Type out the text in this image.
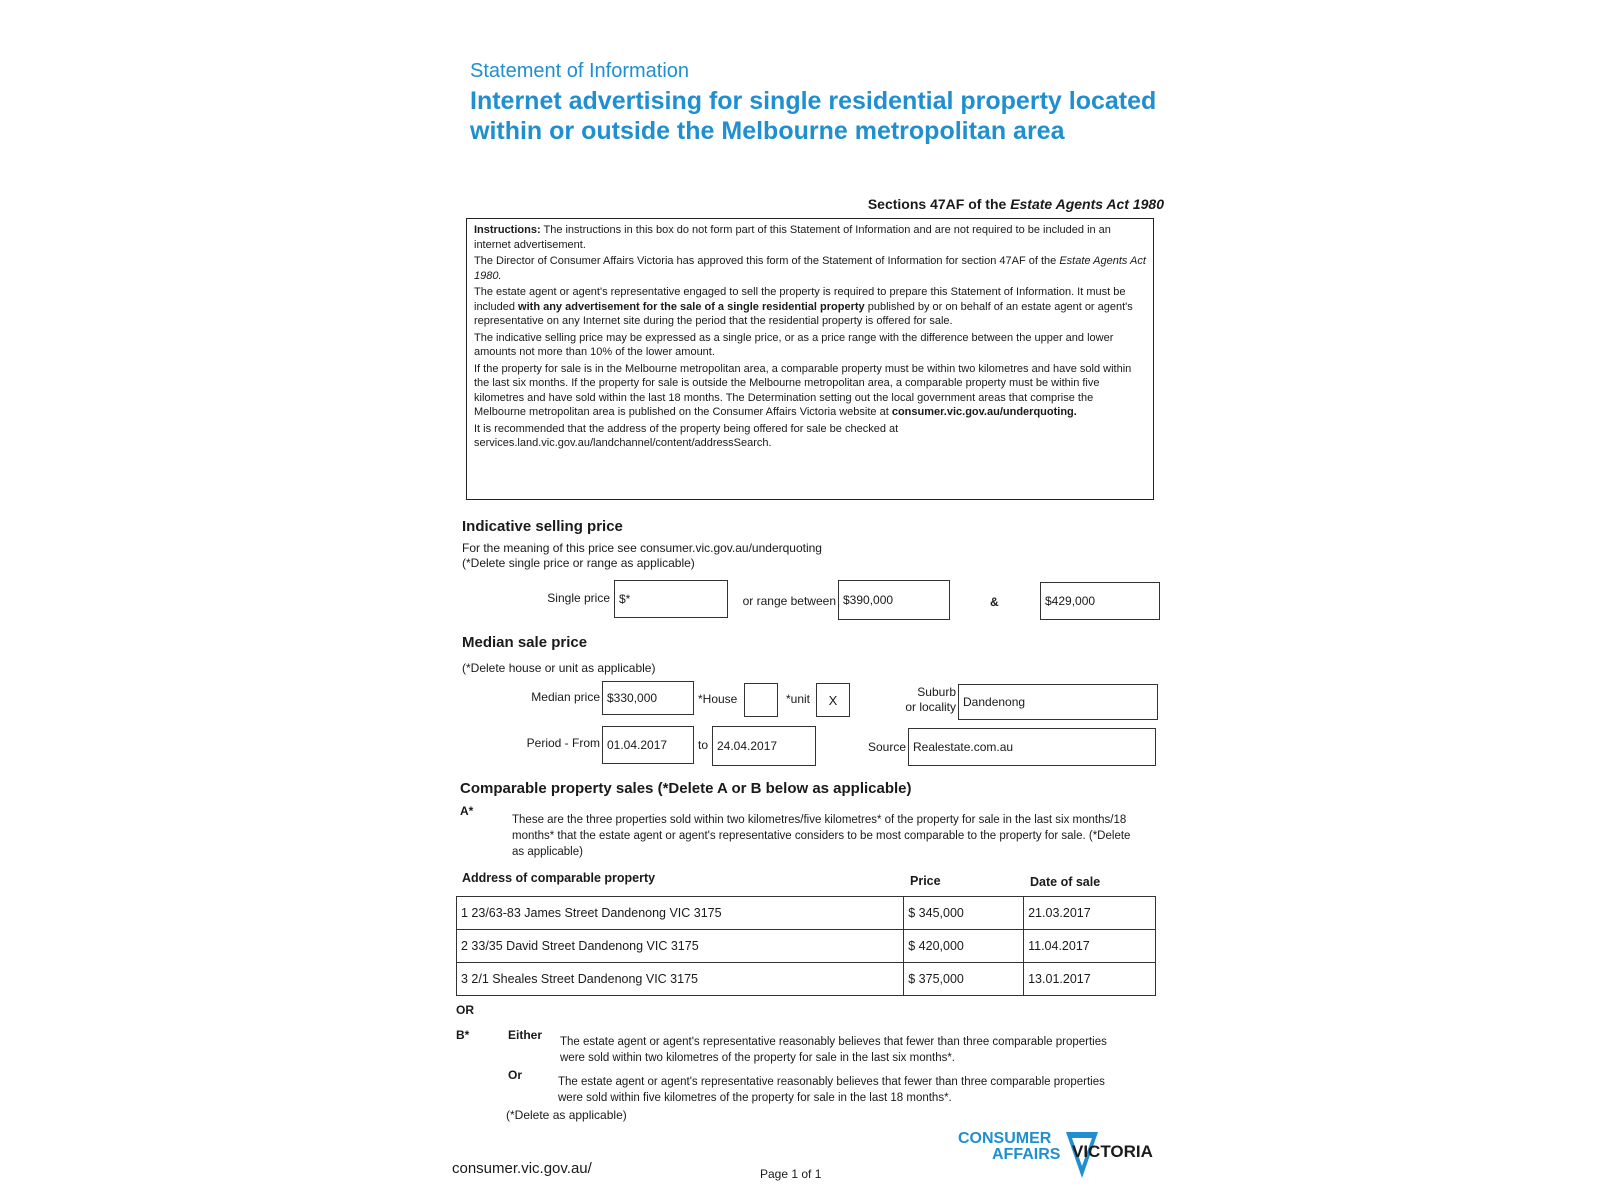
Statement of Information
Internet advertising for single residential property located within or outside the Melbourne metropolitan area
Sections 47AF of the Estate Agents Act 1980

Instructions: The instructions in this box do not form part of this Statement of Information and are not required to be included in an internet advertisement.

The Director of Consumer Affairs Victoria has approved this form of the Statement of Information for section 47AF of the Estate Agents Act 1980.

The estate agent or agent's representative engaged to sell the property is required to prepare this Statement of Information. It must be included with any advertisement for the sale of a single residential property published by or on behalf of an estate agent or agent's representative on any Internet site during the period that the residential property is offered for sale.

The indicative selling price may be expressed as a single price, or as a price range with the difference between the upper and lower amounts not more than 10% of the lower amount.

If the property for sale is in the Melbourne metropolitan area, a comparable property must be within two kilometres and have sold within the last six months. If the property for sale is outside the Melbourne metropolitan area, a comparable property must be within five kilometres and have sold within the last 18 months. The Determination setting out the local government areas that comprise the Melbourne metropolitan area is published on the Consumer Affairs Victoria website at consumer.vic.gov.au/underquoting.

It is recommended that the address of the property being offered for sale be checked at services.land.vic.gov.au/landchannel/content/addressSearch.

Indicative selling price
For the meaning of this price see consumer.vic.gov.au/underquoting
(*Delete single price or range as applicable)
Single price $*	or range between $390,000	&	$429,000
Median sale price
(*Delete house or unit as applicable)
Median price $330,000	*House	*unit	X
Suburb
or locality Dandenong
Period - From 01.04.2017	to 24.04.2017	Source Realestate.com.au
Comparable property sales (*Delete A or B below as applicable)
A*
These are the three properties sold within two kilometres/five kilometres* of the property for sale in the last six months/18 months* that the estate agent or agent's representative considers to be most comparable to the property for sale. (*Delete as applicable)
Address of comparable property	Price	Date of sale
1 23/63-83 James Street Dandenong VIC 3175	$ 345,000	21.03.2017
2 33/35 David Street Dandenong VIC 3175	$ 420,000	11.04.2017
3 2/1 Sheales Street Dandenong VIC 3175	$ 375,000	13.01.2017
OR
B*	Either The estate agent or agent's representative reasonably believes that fewer than three comparable properties were sold within two kilometres of the property for sale in the last six months*.
Or	The estate agent or agent's representative reasonably believes that fewer than three comparable properties were sold within five kilometres of the property for sale in the last 18 months*.
(*Delete as applicable)
consumer.vic.gov.au/	Page 1 of 1
CONSUMER
AFFAIRS VICTORIA
